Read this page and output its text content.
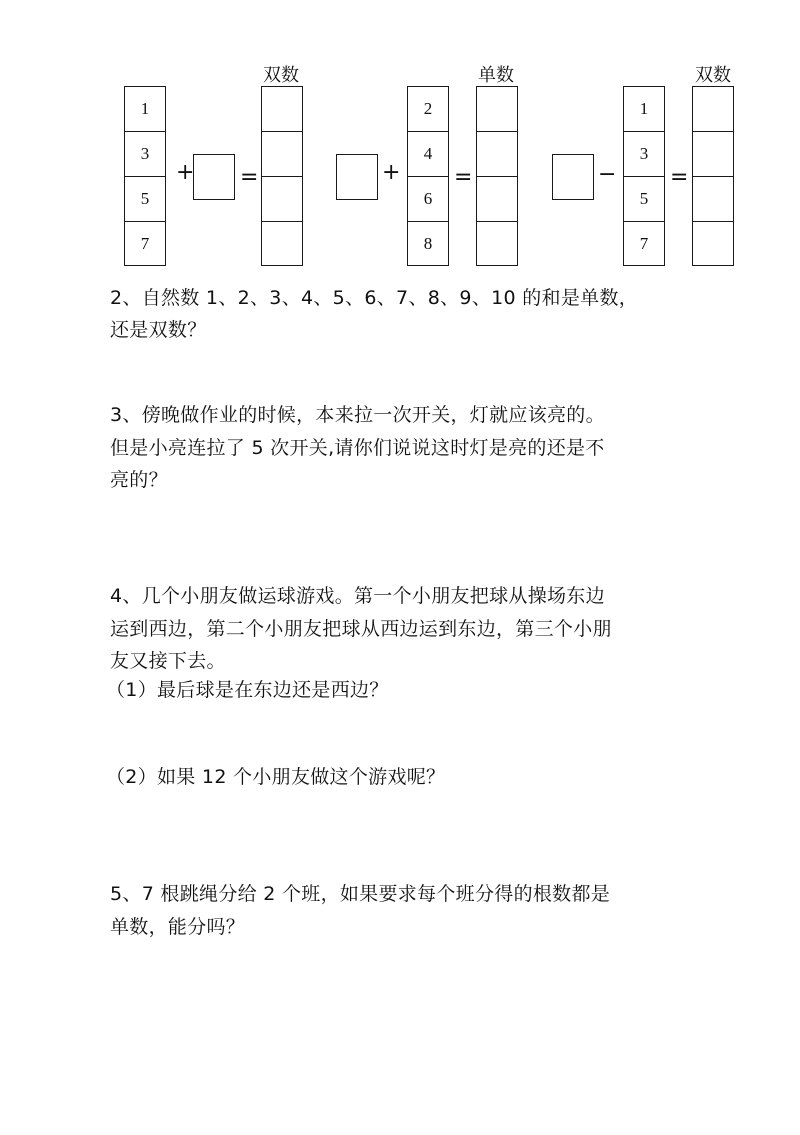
1
3
5
7
+ =
双数
+
2
4
6
8
=
单数
−
1
3
5
7
=
双数
2、自然数 1、2、3、4、5、6、7、8、9、10 的和是单数，
还是双数？
3、傍晚做作业的时候，本来拉一次开关，灯就应该亮的。
但是小亮连拉了 5 次开关,请你们说说这时灯是亮的还是不
亮的？
4、几个小朋友做运球游戏。第一个小朋友把球从操场东边
运到西边，第二个小朋友把球从西边运到东边，第三个小朋
友又接下去。
（1）最后球是在东边还是西边？
（2）如果 12 个小朋友做这个游戏呢？
5、7 根跳绳分给 2 个班，如果要求每个班分得的根数都是
单数，能分吗？
